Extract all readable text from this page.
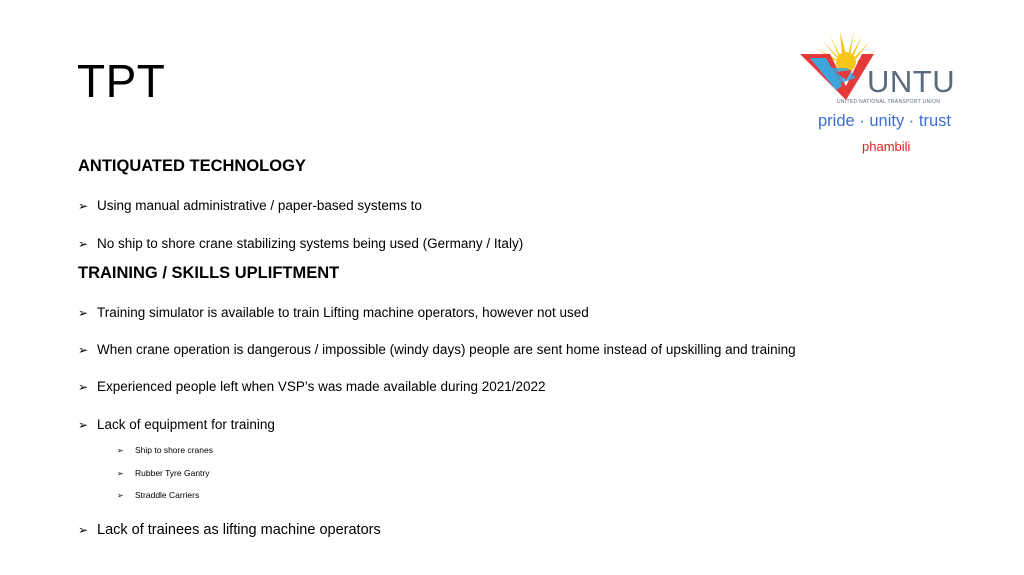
TPT	UNTU
UNITED NATIONAL TRANSPORT UNION
pride · unity · trust
phambili
ANTIQUATED TECHNOLOGY
➢ Using manual administrative / paper-based systems to
➢ No ship to shore crane stabilizing systems being used (Germany / Italy)
TRAINING / SKILLS UPLIFTMENT
➢ Training simulator is available to train Lifting machine operators, however not used
➢ When crane operation is dangerous / impossible (windy days) people are sent home instead of upskilling and training
➢ Experienced people left when VSP’s was made available during 2021/2022
➢ Lack of equipment for training
➢ Ship to shore cranes
➢ Rubber Tyre Gantry
➢ Straddle Carriers
➢ Lack of trainees as lifting machine operators
